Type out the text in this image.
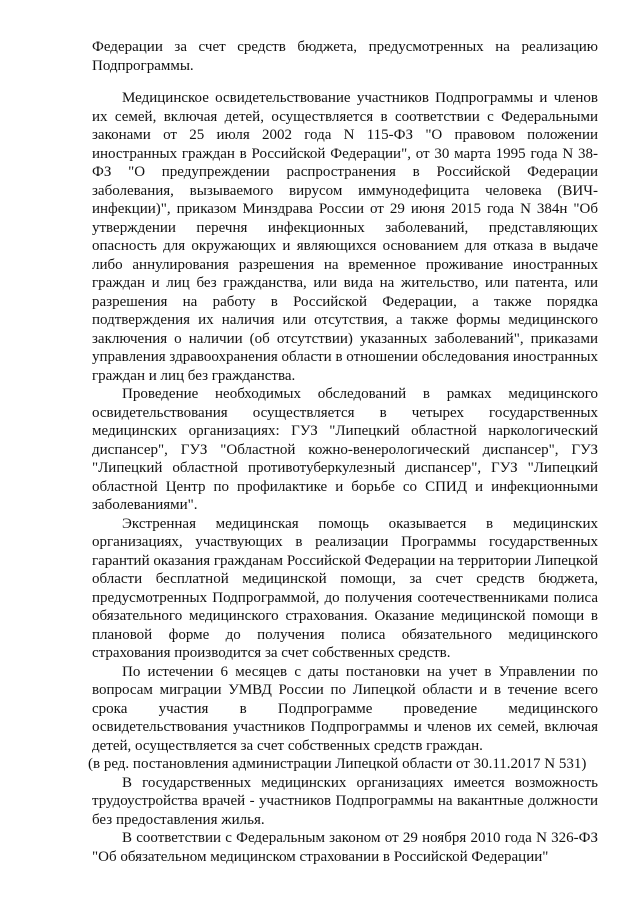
Федерации за счет средств бюджета, предусмотренных на реализацию Подпрограммы.

Медицинское освидетельствование участников Подпрограммы и членов их семей, включая детей, осуществляется в соответствии с Федеральными законами от 25 июля 2002 года N 115-ФЗ "О правовом положении иностранных граждан в Российской Федерации", от 30 марта 1995 года N 38-ФЗ "О предупреждении распространения в Российской Федерации заболевания, вызываемого вирусом иммунодефицита человека (ВИЧ-инфекции)", приказом Минздрава России от 29 июня 2015 года N 384н "Об утверждении перечня инфекционных заболеваний, представляющих опасность для окружающих и являющихся основанием для отказа в выдаче либо аннулирования разрешения на временное проживание иностранных граждан и лиц без гражданства, или вида на жительство, или патента, или разрешения на работу в Российской Федерации, а также порядка подтверждения их наличия или отсутствия, а также формы медицинского заключения о наличии (об отсутствии) указанных заболеваний", приказами управления здравоохранения области в отношении обследования иностранных граждан и лиц без гражданства.

Проведение необходимых обследований в рамках медицинского освидетельствования осуществляется в четырех государственных медицинских организациях: ГУЗ "Липецкий областной наркологический диспансер", ГУЗ "Областной кожно-венерологический диспансер", ГУЗ "Липецкий областной противотуберкулезный диспансер", ГУЗ "Липецкий областной Центр по профилактике и борьбе со СПИД и инфекционными заболеваниями".

Экстренная медицинская помощь оказывается в медицинских организациях, участвующих в реализации Программы государственных гарантий оказания гражданам Российской Федерации на территории Липецкой области бесплатной медицинской помощи, за счет средств бюджета, предусмотренных Подпрограммой, до получения соотечественниками полиса обязательного медицинского страхования. Оказание медицинской помощи в плановой форме до получения полиса обязательного медицинского страхования производится за счет собственных средств.

По истечении 6 месяцев с даты постановки на учет в Управлении по вопросам миграции УМВД России по Липецкой области и в течение всего срока участия в Подпрограмме проведение медицинского освидетельствования участников Подпрограммы и членов их семей, включая детей, осуществляется за счет собственных средств граждан.

(в ред. постановления администрации Липецкой области от 30.11.2017 N 531)

В государственных медицинских организациях имеется возможность трудоустройства врачей - участников Подпрограммы на вакантные должности без предоставления жилья.

В соответствии с Федеральным законом от 29 ноября 2010 года N 326-ФЗ "Об обязательном медицинском страховании в Российской Федерации"
